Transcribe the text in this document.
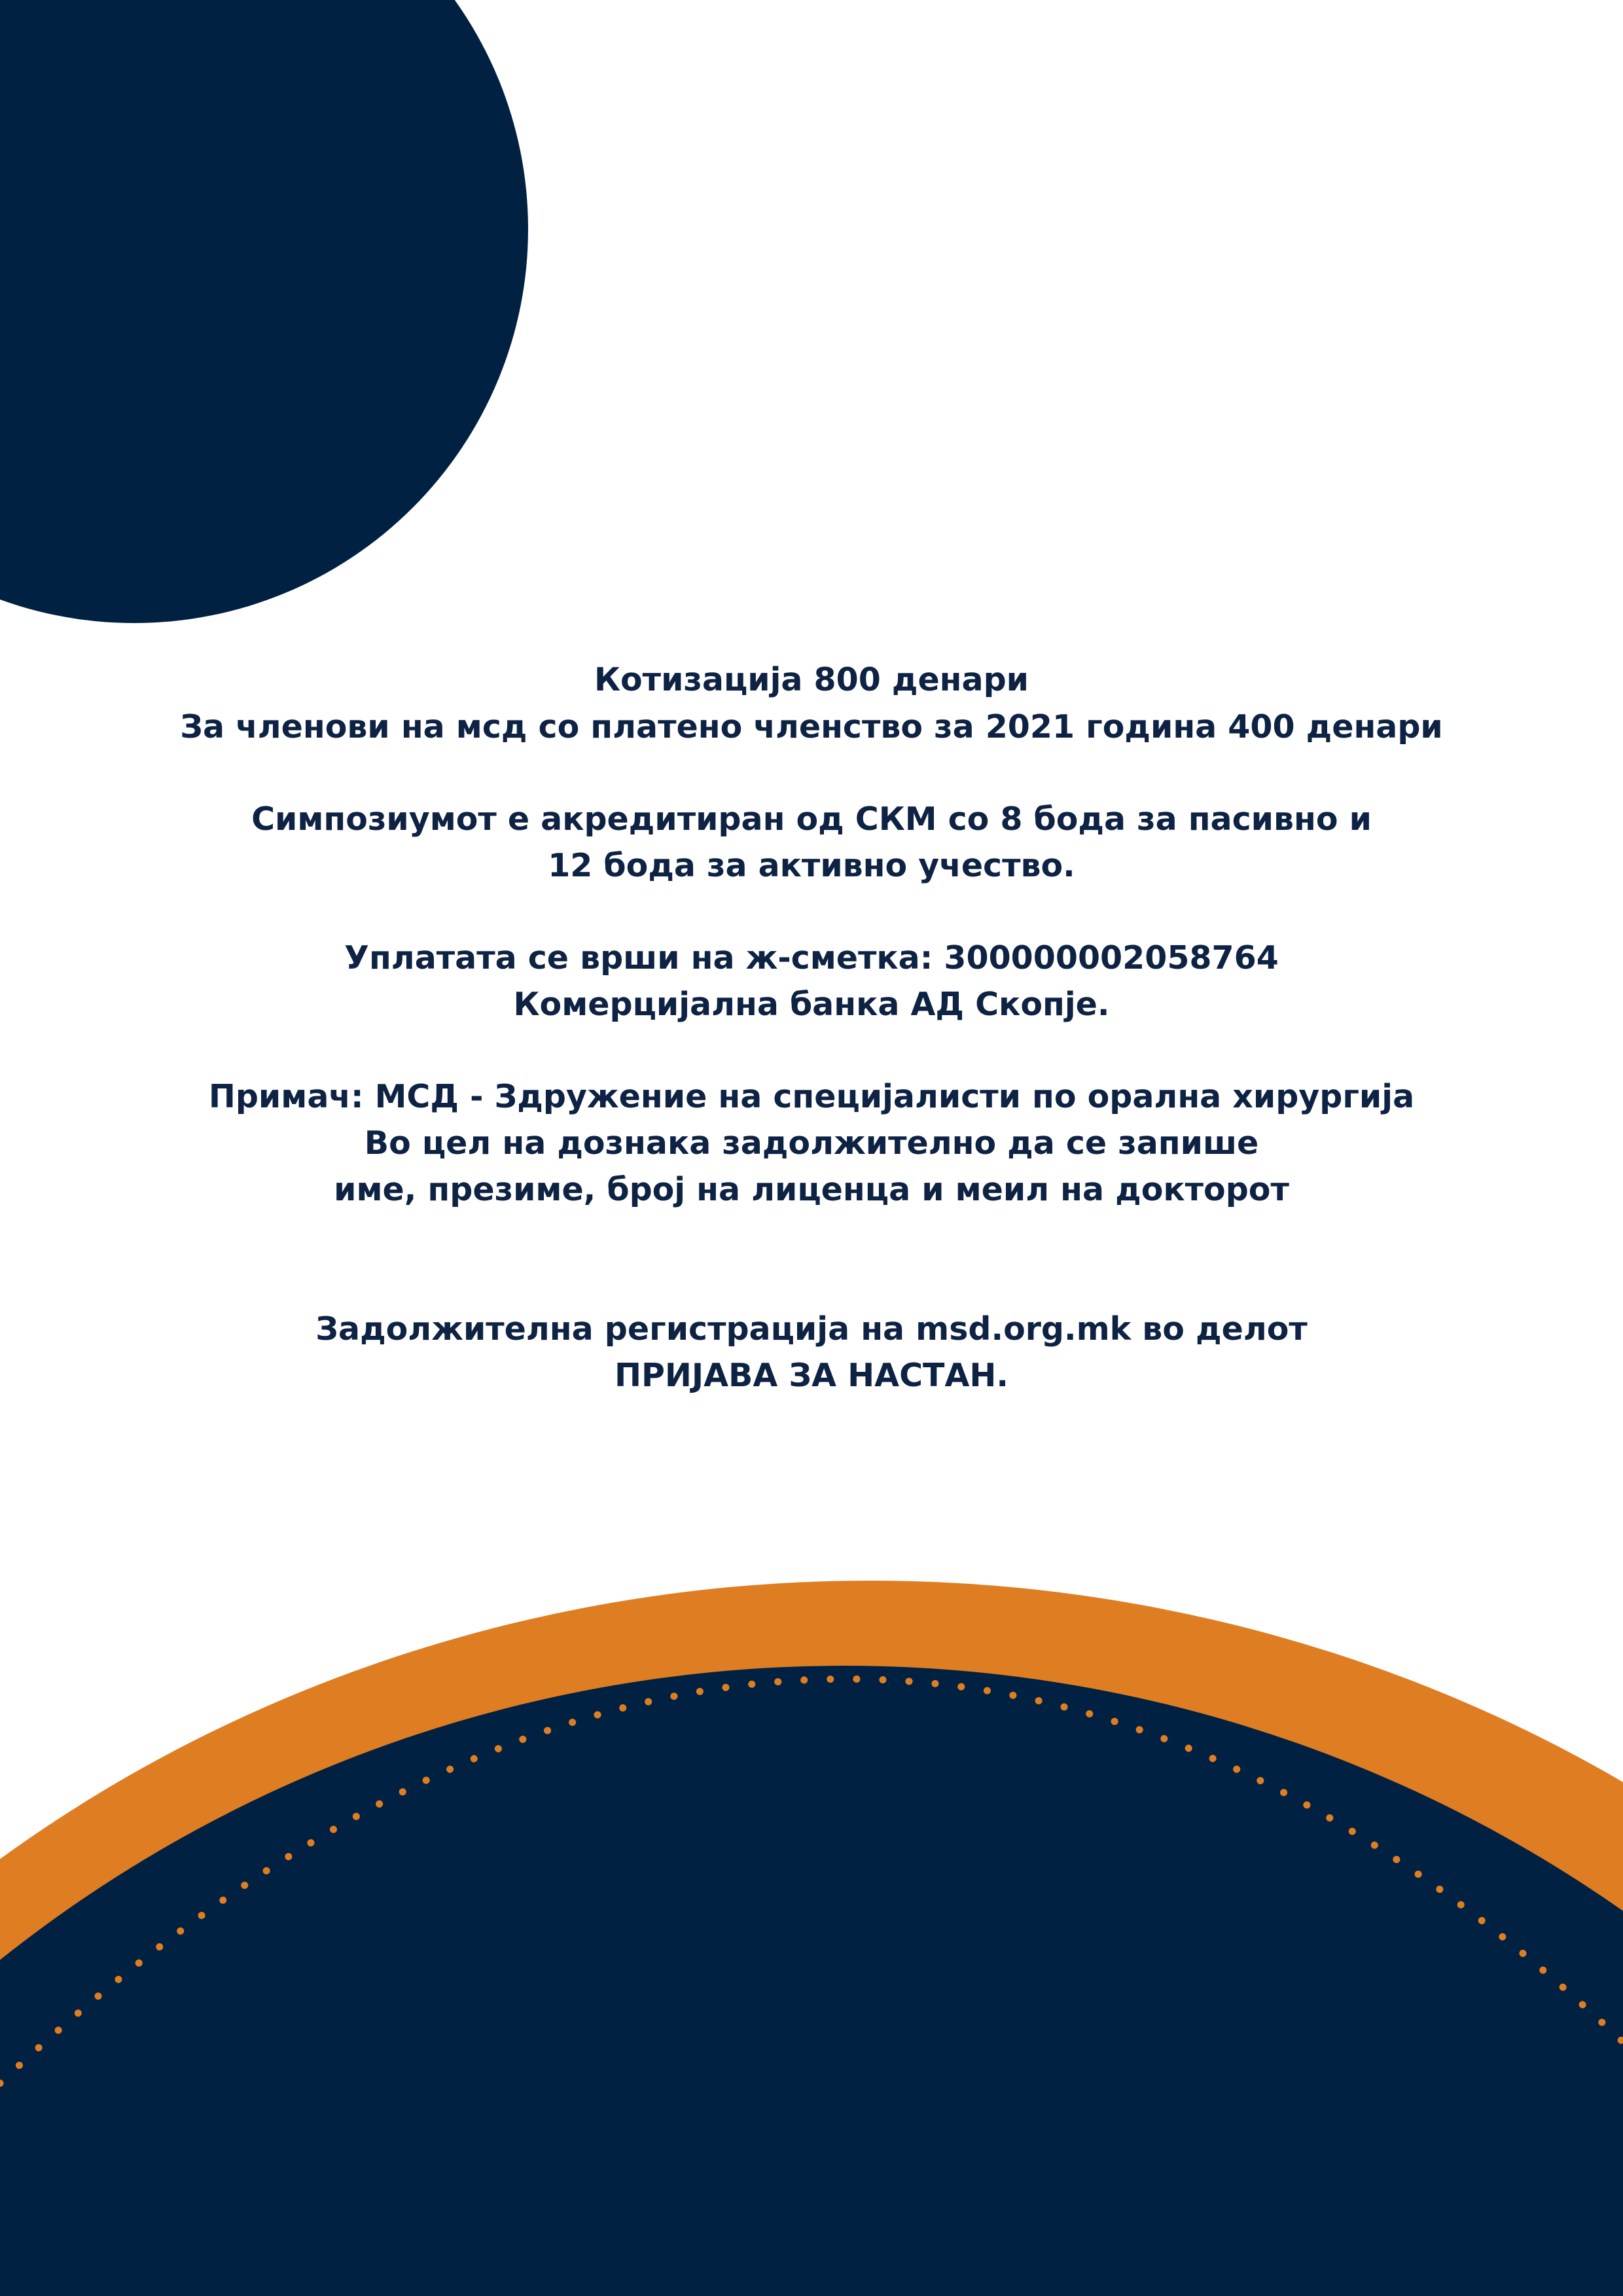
Котизација 800 денари
За членови на мсд со платено членство за 2021 година 400 денари
Симпозиумот е акредитиран од СКМ со 8 бода за пасивно и
12 бода за активно учество.
Уплатата се врши на ж-сметка: 300000002058764
Комерцијална банка АД Скопје.
Примач: МСД - Здружение на специјалисти по орална хирургија
Во цел на дознака задолжително да се запише
име, презиме, број на лиценца и меил на докторот
Задолжителна регистрација на msd.org.mk во делот
ПРИЈАВА ЗА НАСТАН.
